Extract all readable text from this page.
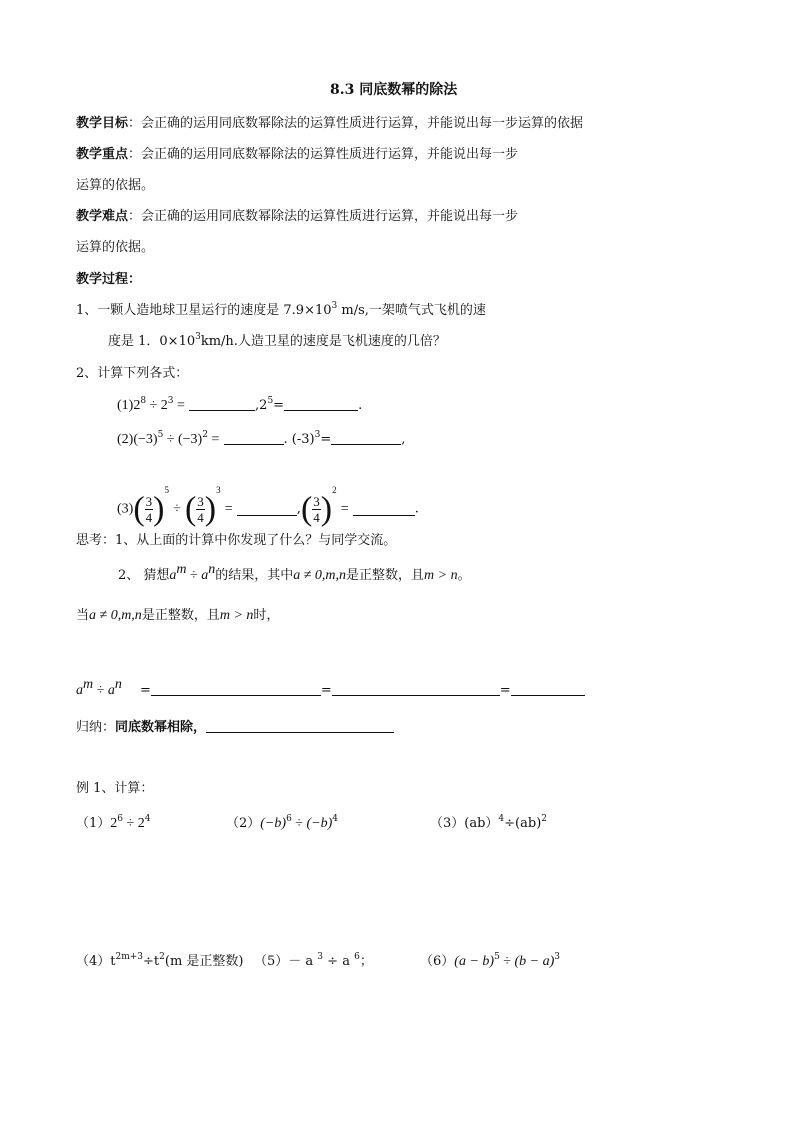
8.3 同底数幂的除法
教学目标：会正确的运用同底数幂除法的运算性质进行运算，并能说出每一步运算的依据
教学重点：会正确的运用同底数幂除法的运算性质进行运算，并能说出每一步
运算的依据。
教学难点：会正确的运用同底数幂除法的运算性质进行运算，并能说出每一步
运算的依据。
教学过程：
1、一颗人造地球卫星运行的速度是 $7.9\times 10^3$ m/s,一架喷气式飞机的速
度是 1．$0\times 10^3km/h$.人造卫星的速度是飞机速度的几倍？
2、计算下列各式：
$(1)2^8 \div 2^3$ =	$,2^5=$	.
$(2)(-3)^5 \div (-3)^2$ =	. $(-3)^3=$	,
$(3)( \frac{3}{4} )^5$ ÷ ( $\frac{3}{4} )^3$ =	,( $\frac{3}{4} )^2$ =	.
思考：1、从上面的计算中你发现了什么？与同学交流。
2、 猜想$a^m \div a^n$的结果，其中a ≠ 0,m,n是正整数，且m > n。
当a ≠ 0,m,n是正整数，且m > n时，
$a^m \div a^n$ =	=	=
归纳：同底数幂相除，
例 1、计算：
$(1)2^6 \div 2^4$	$(2)(-b)^6 \div (-b)^4$	（3）(ab）$^4$÷(ab)$^2$
$(4)t^{2m+3}\div t^2(m$ 是正整数) （5）－ a $^3$ ÷ a $^6$；	$(6)(a - b)^5 \div (b - a)^3$
